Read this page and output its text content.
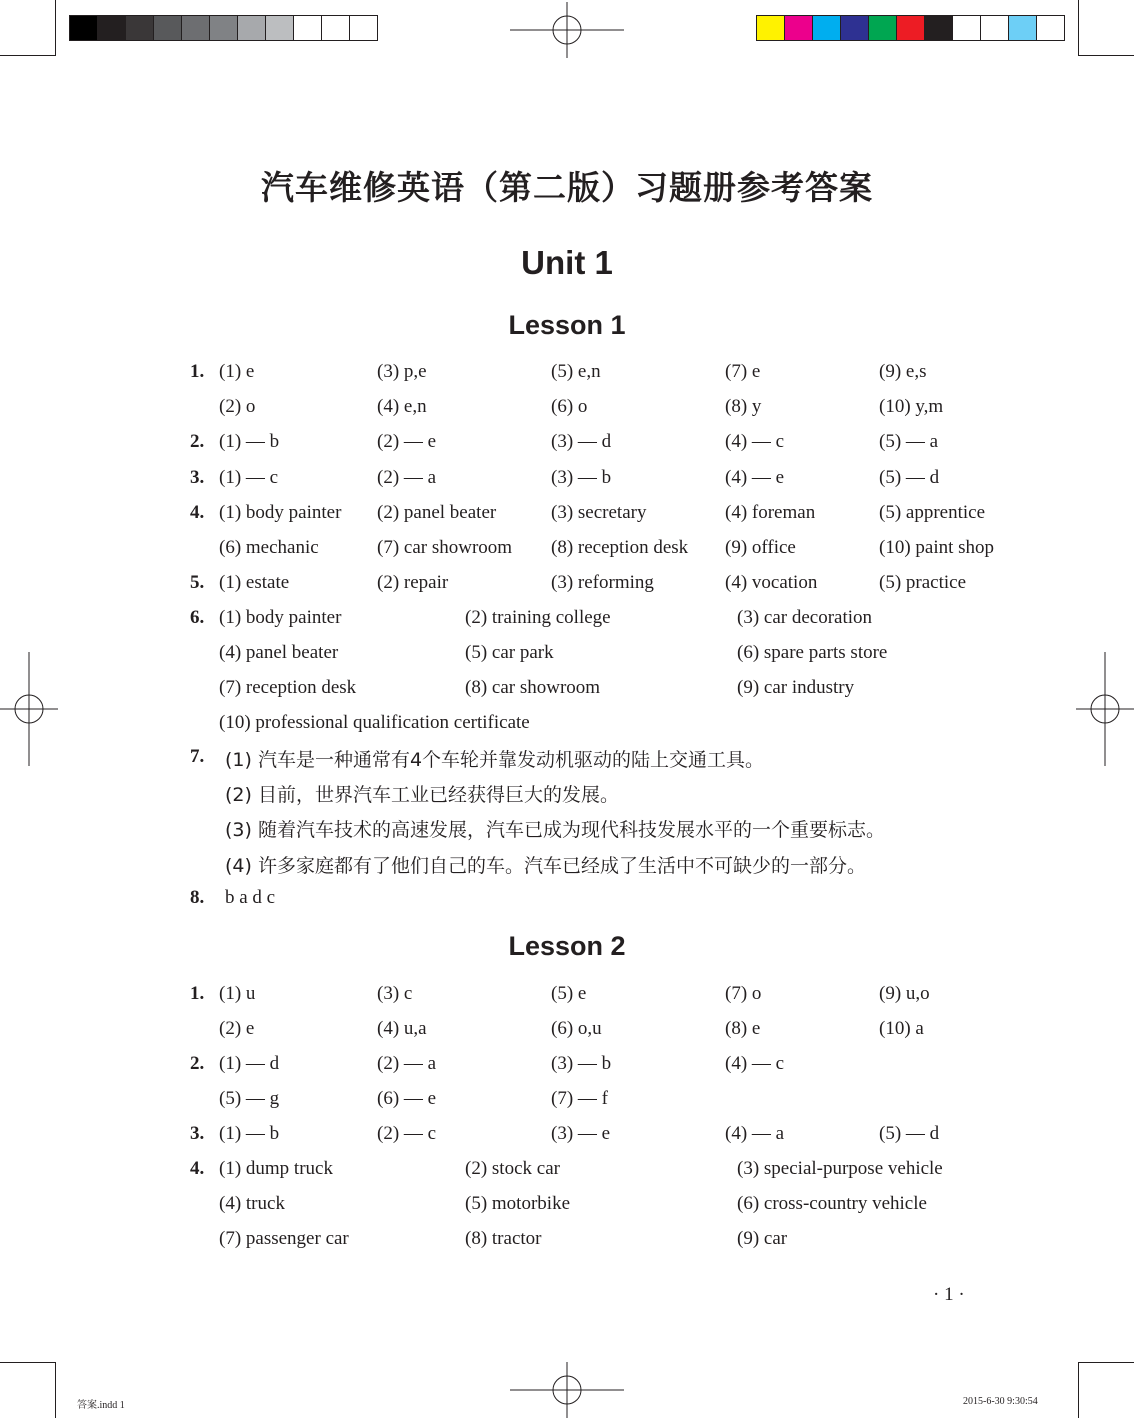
汽车维修英语（第二版）习题册参考答案
Unit 1
Lesson 1
1. (1) e	(3) p,e	(5) e,n	(7) e	(9) e,s
(2) o	(4) e,n	(6) o	(8) y	(10) y,m
2. (1) — b	(2) — e	(3) — d	(4) — c	(5) — a
3. (1) — c	(2) — a	(3) — b	(4) — e	(5) — d
4. (1) body painter (2) panel beater	(3) secretary	(4) foreman	(5) apprentice
(6) mechanic	(7) car showroom (8) reception desk (9) office	(10) paint shop
5. (1) estate	(2) repair	(3) reforming	(4) vocation	(5) practice
6. (1) body painter	(2) training college	(3) car decoration
(4) panel beater	(5) car park	(6) spare parts store
(7) reception desk	(8) car showroom	(9) car industry
(10) professional qualification certificate
7. (1) 汽车是一种通常有4个车轮并靠发动机驱动的陆上交通工具。
(2) 目前，世界汽车工业已经获得巨大的发展。
(3) 随着汽车技术的高速发展，汽车已成为现代科技发展水平的一个重要标志。
(4) 许多家庭都有了他们自己的车。汽车已经成了生活中不可缺少的一部分。
8. b a d c
Lesson 2
1. (1) u	(3) c	(5) e	(7) o	(9) u,o
(2) e	(4) u,a	(6) o,u	(8) e	(10) a
2. (1) — d	(2) — a	(3) — b	(4) — c
(5) — g	(6) — e	(7) — f
3. (1) — b	(2) — c	(3) — e	(4) — a	(5) — d
4. (1) dump truck	(2) stock car	(3) special-purpose vehicle
(4) truck	(5) motorbike	(6) cross-country vehicle
(7) passenger car	(8) tractor	(9) car
· 1 ·
答案.indd 1	2015-6-30 9:30:54
